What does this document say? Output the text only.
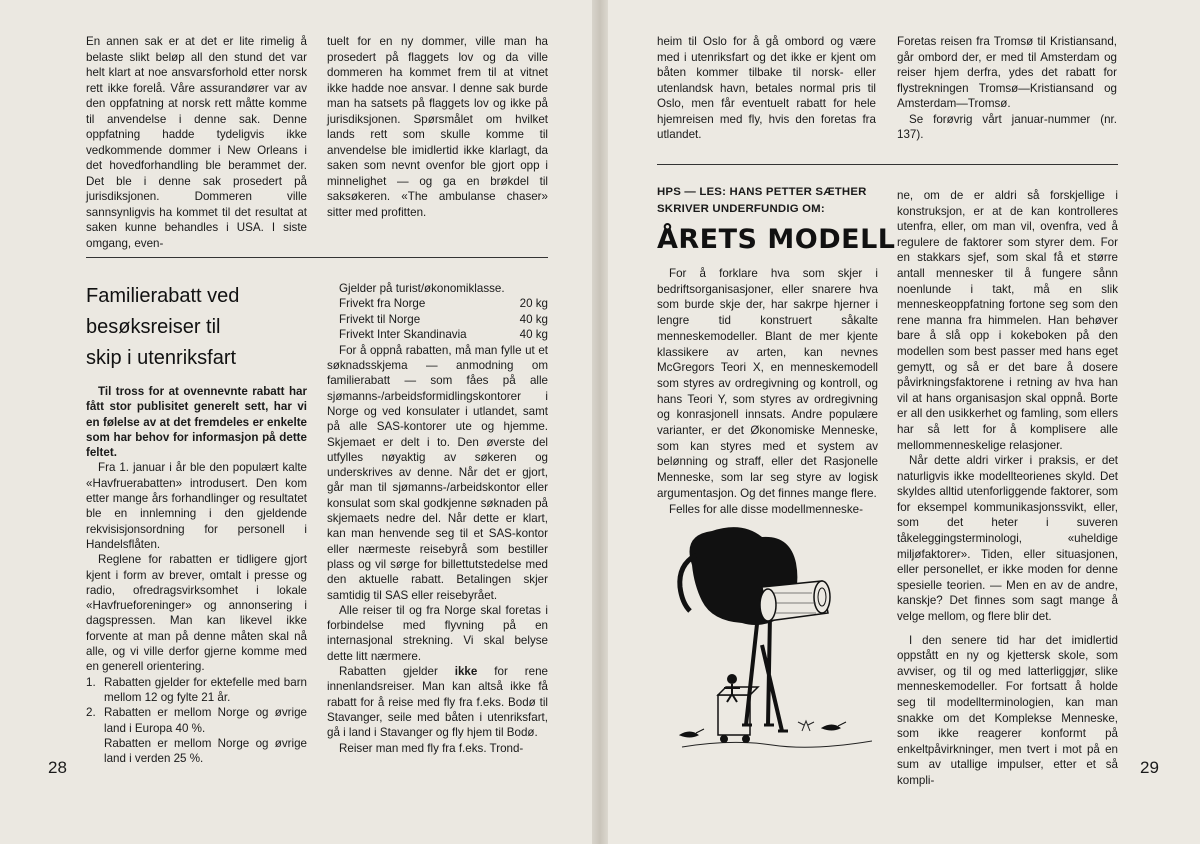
En annen sak er at det er lite rimelig å belaste slikt beløp all den stund det var helt klart at noe ansvarsforhold etter norsk rett ikke forelå. Våre assurandører var av den oppfatning at norsk rett måtte komme til anvendelse i denne sak. Denne oppfatning hadde tydeligvis ikke vedkommende dommer i New Orleans i det hovedforhandling ble berammet der. Det ble i denne sak prosedert på jurisdiksjonen. Dommeren ville sannsynligvis ha kommet til det resultat at saken kunne behandles i USA. I siste omgang, even-

tuelt for en ny dommer, ville man ha prosedert på flaggets lov og da ville dommeren ha kommet frem til at vitnet ikke hadde noe ansvar. I denne sak burde man ha satsets på flaggets lov og ikke på jurisdiksjonen. Spørsmålet om hvilket lands rett som skulle komme til anvendelse ble imidlertid ikke klarlagt, da saken som nevnt ovenfor ble gjort opp i minnelighet — og ga en brøkdel til saksøkeren. «The ambulanse chaser» sitter med profitten.

Familierabatt ved
besøksreiser til
skip i utenriksfart

Til tross for at ovennevnte rabatt har fått stor publisitet generelt sett, har vi en følelse av at det fremdeles er enkelte som har behov for informasjon på dette feltet.

Fra 1. januar i år ble den populært kalte «Havfruerabatten» introdusert. Den kom etter mange års forhandlinger og resultatet ble en innlemning i den gjeldende rekvisisjonsordning for personell i Handelsflåten.

Reglene for rabatten er tidligere gjort kjent i form av brever, omtalt i presse og radio, ofredragsvirksomhet i lokale «Havfrueforeninger» og annonsering i dagspressen. Man kan likevel ikke forvente at man på denne måten skal nå alle, og vi ville derfor gjerne komme med en generell orientering.

1. Rabatten gjelder for ektefelle med barn mellom 12 og fylte 21 år.
2. Rabatten er mellom Norge og øvrige land i Europa 40 %.
Rabatten er mellom Norge og øvrige land i verden 25 %.

Gjelder på turist/økonomiklasse.

Frivekt fra Norge	20 kg
Frivekt til Norge	40 kg
Frivekt Inter Skandinavia	40 kg

For å oppnå rabatten, må man fylle ut et søknadsskjema — anmodning om familierabatt — som fåes på alle sjømanns-/arbeidsformidlingskontorer i Norge og ved konsulater i utlandet, samt på alle SAS-kontorer ute og hjemme. Skjemaet er delt i to. Den øverste del utfylles nøyaktig av søkeren og underskrives av denne. Når det er gjort, går man til sjømanns-/arbeidskontor eller konsulat som skal godkjenne søknaden på skjemaets nedre del. Når dette er klart, kan man henvende seg til et SAS-kontor eller nærmeste reisebyrå som bestiller plass og vil sørge for billettutstedelse med den aktuelle rabatt. Betalingen skjer samtidig til SAS eller reisebyrået.

Alle reiser til og fra Norge skal foretas i forbindelse med flyvning på en internasjonal strekning. Vi skal belyse dette litt nærmere.

Rabatten gjelder ikke for rene innenlandsreiser. Man kan altså ikke få rabatt for å reise med fly fra f.eks. Bodø til Stavanger, seile med båten i utenriksfart, gå i land i Stavanger og fly hjem til Bodø.

Reiser man med fly fra f.eks. Trond-

28

heim til Oslo for å gå ombord og være med i utenriksfart og det ikke er kjent om båten kommer tilbake til norsk- eller utenlandsk havn, betales normal pris til Oslo, men får eventuelt rabatt for hele hjemreisen med fly, hvis den foretas fra utlandet.

Foretas reisen fra Tromsø til Kristiansand, går ombord der, er med til Amsterdam og reiser hjem derfra, ydes det rabatt for flystrekningen Tromsø—Kristiansand og Amsterdam—Tromsø.

Se forøvrig vårt januar-nummer (nr. 137).

HPS — LES: HANS PETTER SÆTHER
SKRIVER UNDERFUNDIG OM:
ÅRETS MODELL

For å forklare hva som skjer i bedriftsorganisasjoner, eller snarere hva som burde skje der, har sakrpe hjerner i lengre tid konstruert såkalte menneskemodeller. Blant de mer kjente klassikere av arten, kan nevnes McGregors Teori X, en menneskemodell som styres av ordregivning og kontroll, og hans Teori Y, som styres av ordregivning og konrasjonell innsats. Andre populære varianter, er det Økonomiske Menneske, som kan styres med et system av belønning og straff, eller det Rasjonelle Menneske, som lar seg styre av logisk argumentasjon. Og det finnes mange flere.

Felles for alle disse modellmenneske-

ne, om de er aldri så forskjellige i konstruksjon, er at de kan kontrolleres utenfra, eller, om man vil, ovenfra, ved å regulere de faktorer som styrer dem. For en stakkars sjef, som skal få et større antall mennesker til å fungere sånn noenlunde i takt, må en slik menneskeoppfatning fortone seg som den rene manna fra himmelen. Han behøver bare å slå opp i kokeboken på den modellen som best passer med hans eget gemytt, og så er det bare å dosere påvirkningsfaktorene i retning av hva han vil at hans organisasjon skal oppnå. Borte er all den usikkerhet og famling, som ellers har så lett for å komplisere alle mellommenneskelige relasjoner.

Når dette aldri virker i praksis, er det naturligvis ikke modellteorienes skyld. Det skyldes alltid utenforliggende faktorer, som for eksempel kommunikasjonssvikt, eller, som det heter i suveren tåkeleggingsterminologi, «uheldige miljøfaktorer». Tiden, eller situasjonen, eller personellet, er ikke moden for denne spesielle teorien. — Men en av de andre, kanskje? Det finnes som sagt mange å velge mellom, og flere blir det.

I den senere tid har det imidlertid oppstått en ny og kjettersk skole, som avviser, og til og med latterliggjør, slike menneskemodeller. For fortsatt å holde seg til modellterminologien, kan man snakke om det Komplekse Menneske, som ikke reagerer konformt på enkeltpåvirkninger, men tvert i mot på en sum av utallige impulser, etter et så kompli-

29
